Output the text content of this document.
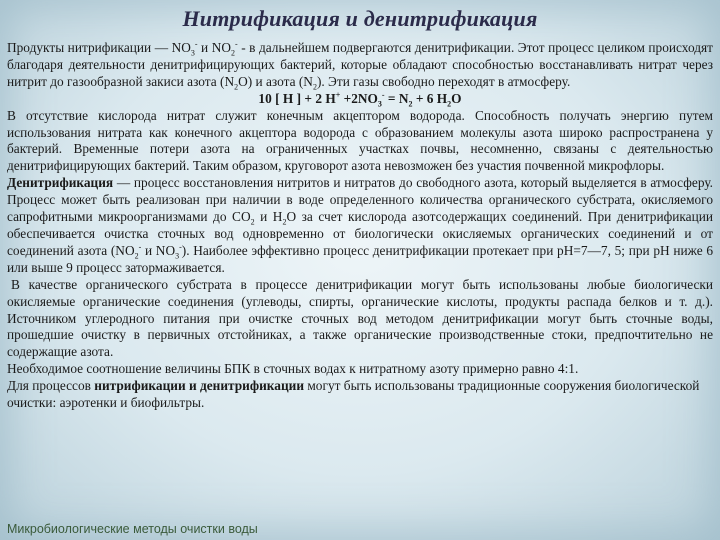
Нитрификация и денитрификация

Продукты нитрификации — $NO_3^-$ и $NO_2^-$ - в дальнейшем подвергаются денитрификации. Этот процесс целиком происходят благодаря деятельности денитрифицирующих бактерий, которые обладают способностью восстанавливать нитрат через нитрит до газообразной закиси азота $(N_2O)$ и азота $(N_2)$. Эти газы свободно переходят в атмосферу.

10 [ Н ] + 2 $Н^+ +2NO_3^- = N_2 + 6$ $Н_2О$

В отсутствие кислорода нитрат служит конечным акцептором водорода. Способность получать энергию путем использования нитрата как конечного акцептора водорода с образованием молекулы азота широко распространена у бактерий. Временные потери азота на ограниченных участках почвы, несомненно, связаны с деятельностью денитрифицирующих бактерий. Таким образом, круговорот азота невозможен без участия почвенной микрофлоры.

Денитрификация — процесс восстановления нитритов и нитратов до свободного азота, который выделяется в атмосферу. Процесс может быть реализован при наличии в воде определенного количества органического субстрата, окисляемого сапрофитными микроорганизмами до $СО_2$ и $Н_2О$ за счет кислорода азотсодержащих соединений. При денитрификации обеспечивается очистка сточных вод одновременно от биологически окисляемых органических соединений и от соединений азота ($NO_2^-$ и $NO_3^-$). Наиболее эффективно процесс денитрификации протекает при рН=7—7, 5; при рН ниже 6 или выше 9 процесс затормаживается.

В качестве органического субстрата в процессе денитрификации могут быть использованы любые биологически окисляемые органические соединения (углеводы, спирты, органические кислоты, продукты распада белков и т. д.). Источником углеродного питания при очистке сточных вод методом денитрификации могут быть сточные воды, прошедшие очистку в первичных отстойниках, а также органические производственные стоки, предпочтительно не содержащие азота.

Необходимое соотношение величины БПК в сточных водах к нитратному азоту примерно равно 4:1.

Для процессов нитрификации и денитрификации могут быть использованы традиционные сооружения биологической очистки: аэротенки и биофильтры.

Микробиологические методы очистки воды
